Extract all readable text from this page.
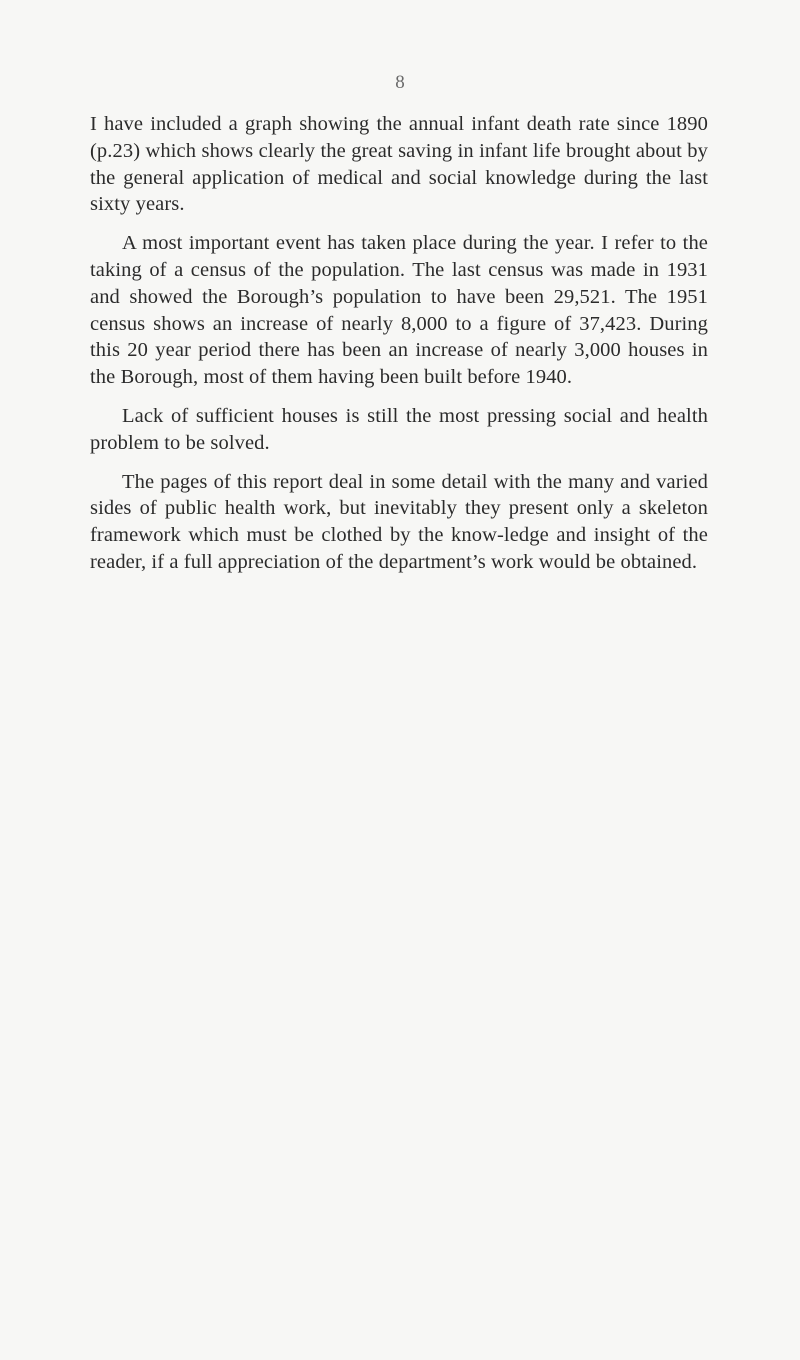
8

I have included a graph showing the annual infant death rate since 1890 (p.23) which shows clearly the great saving in infant life brought about by the general application of medical and social knowledge during the last sixty years.

A most important event has taken place during the year. I refer to the taking of a census of the population. The last census was made in 1931 and showed the Borough’s population to have been 29,521. The 1951 census shows an increase of nearly 8,000 to a figure of 37,423. During this 20 year period there has been an increase of nearly 3,000 houses in the Borough, most of them having been built before 1940.

Lack of sufficient houses is still the most pressing social and health problem to be solved.

The pages of this report deal in some detail with the many and varied sides of public health work, but inevitably they present only a skeleton framework which must be clothed by the know-ledge and insight of the reader, if a full appreciation of the department’s work would be obtained.
